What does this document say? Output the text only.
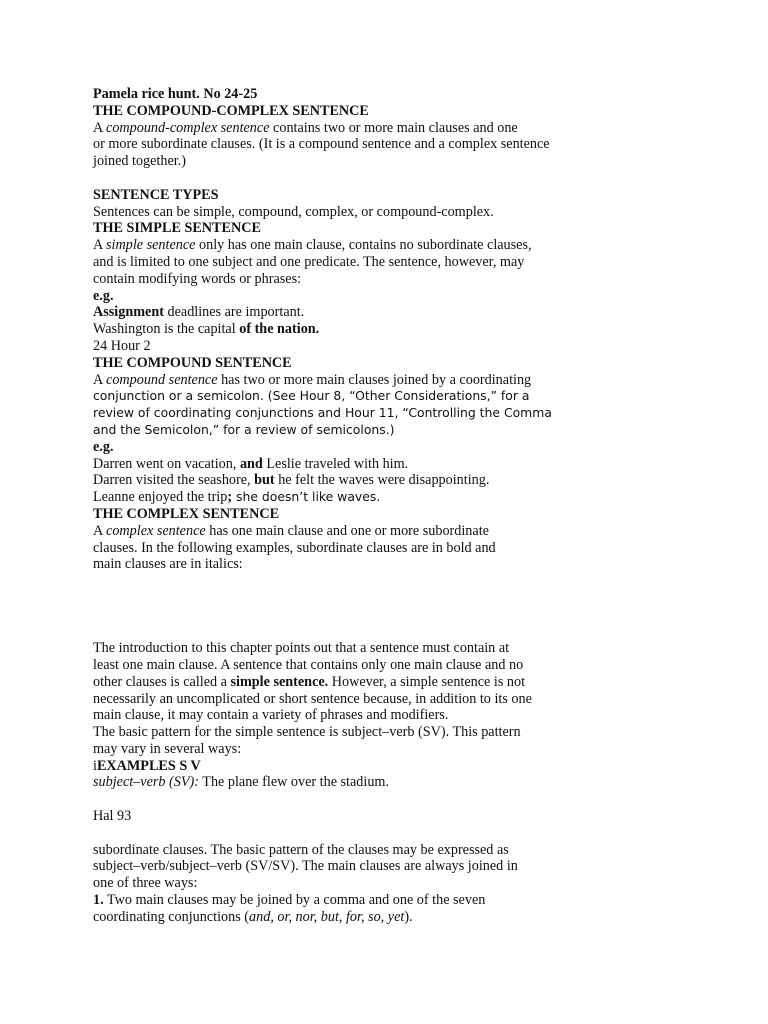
Pamela rice hunt. No 24-25

THE COMPOUND-COMPLEX SENTENCE

A compound-complex sentence contains two or more main clauses and one

or more subordinate clauses. (It is a compound sentence and a complex sentence

joined together.)

SENTENCE TYPES

Sentences can be simple, compound, complex, or compound-complex.

THE SIMPLE SENTENCE

A simple sentence only has one main clause, contains no subordinate clauses,

and is limited to one subject and one predicate. The sentence, however, may

contain modifying words or phrases:

e.g.

Assignment deadlines are important.

Washington is the capital of the nation.

24 Hour 2

THE COMPOUND SENTENCE

A compound sentence has two or more main clauses joined by a coordinating

conjunction or a semicolon. (See Hour 8, “Other Considerations,” for a

review of coordinating conjunctions and Hour 11, “Controlling the Comma

and the Semicolon,” for a review of semicolons.)

e.g.

Darren went on vacation, and Leslie traveled with him.

Darren visited the seashore, but he felt the waves were disappointing.

Leanne enjoyed the trip; she doesn’t like waves.

THE COMPLEX SENTENCE

A complex sentence has one main clause and one or more subordinate

clauses. In the following examples, subordinate clauses are in bold and

main clauses are in italics:

The introduction to this chapter points out that a sentence must contain at

least one main clause. A sentence that contains only one main clause and no

other clauses is called a simple sentence. However, a simple sentence is not

necessarily an uncomplicated or short sentence because, in addition to its one

main clause, it may contain a variety of phrases and modifiers.

The basic pattern for the simple sentence is subject–verb (SV). This pattern

may vary in several ways:

iEXAMPLES S V

subject–verb (SV): The plane flew over the stadium.

Hal 93

subordinate clauses. The basic pattern of the clauses may be expressed as

subject–verb/subject–verb (SV/SV). The main clauses are always joined in

one of three ways:

1. Two main clauses may be joined by a comma and one of the seven

coordinating conjunctions (and, or, nor, but, for, so, yet).
